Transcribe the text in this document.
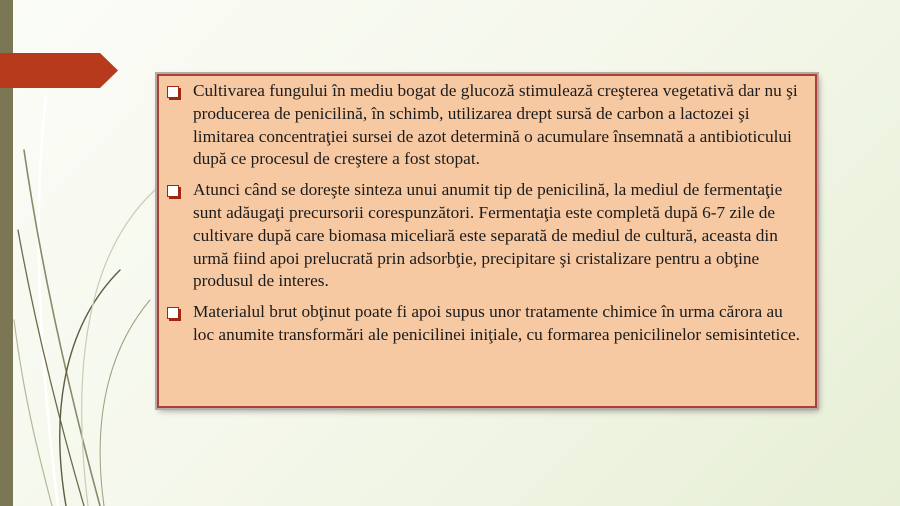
Cultivarea fungului în mediu bogat de glucoză stimulează creşterea vegetativă dar nu şi producerea de penicilină, în schimb, utilizarea drept sursă de carbon a lactozei şi limitarea concentraţiei sursei de azot determină o acumulare însemnată a antibioticului după ce procesul de creştere a fost stopat.
Atunci când se doreşte sinteza unui anumit tip de penicilină, la mediul de fermentaţie sunt adăugaţi precursorii corespunzători. Fermentaţia este completă după 6-7 zile de cultivare după care biomasa miceliară este separată de mediul de cultură, aceasta din urmă fiind apoi prelucrată prin adsorbţie, precipitare şi cristalizare pentru a obţine produsul de interes.
Materialul brut obţinut poate fi apoi supus unor tratamente chimice în urma cărora au loc anumite transformări ale penicilinei iniţiale, cu formarea penicilinelor semisintetice.
